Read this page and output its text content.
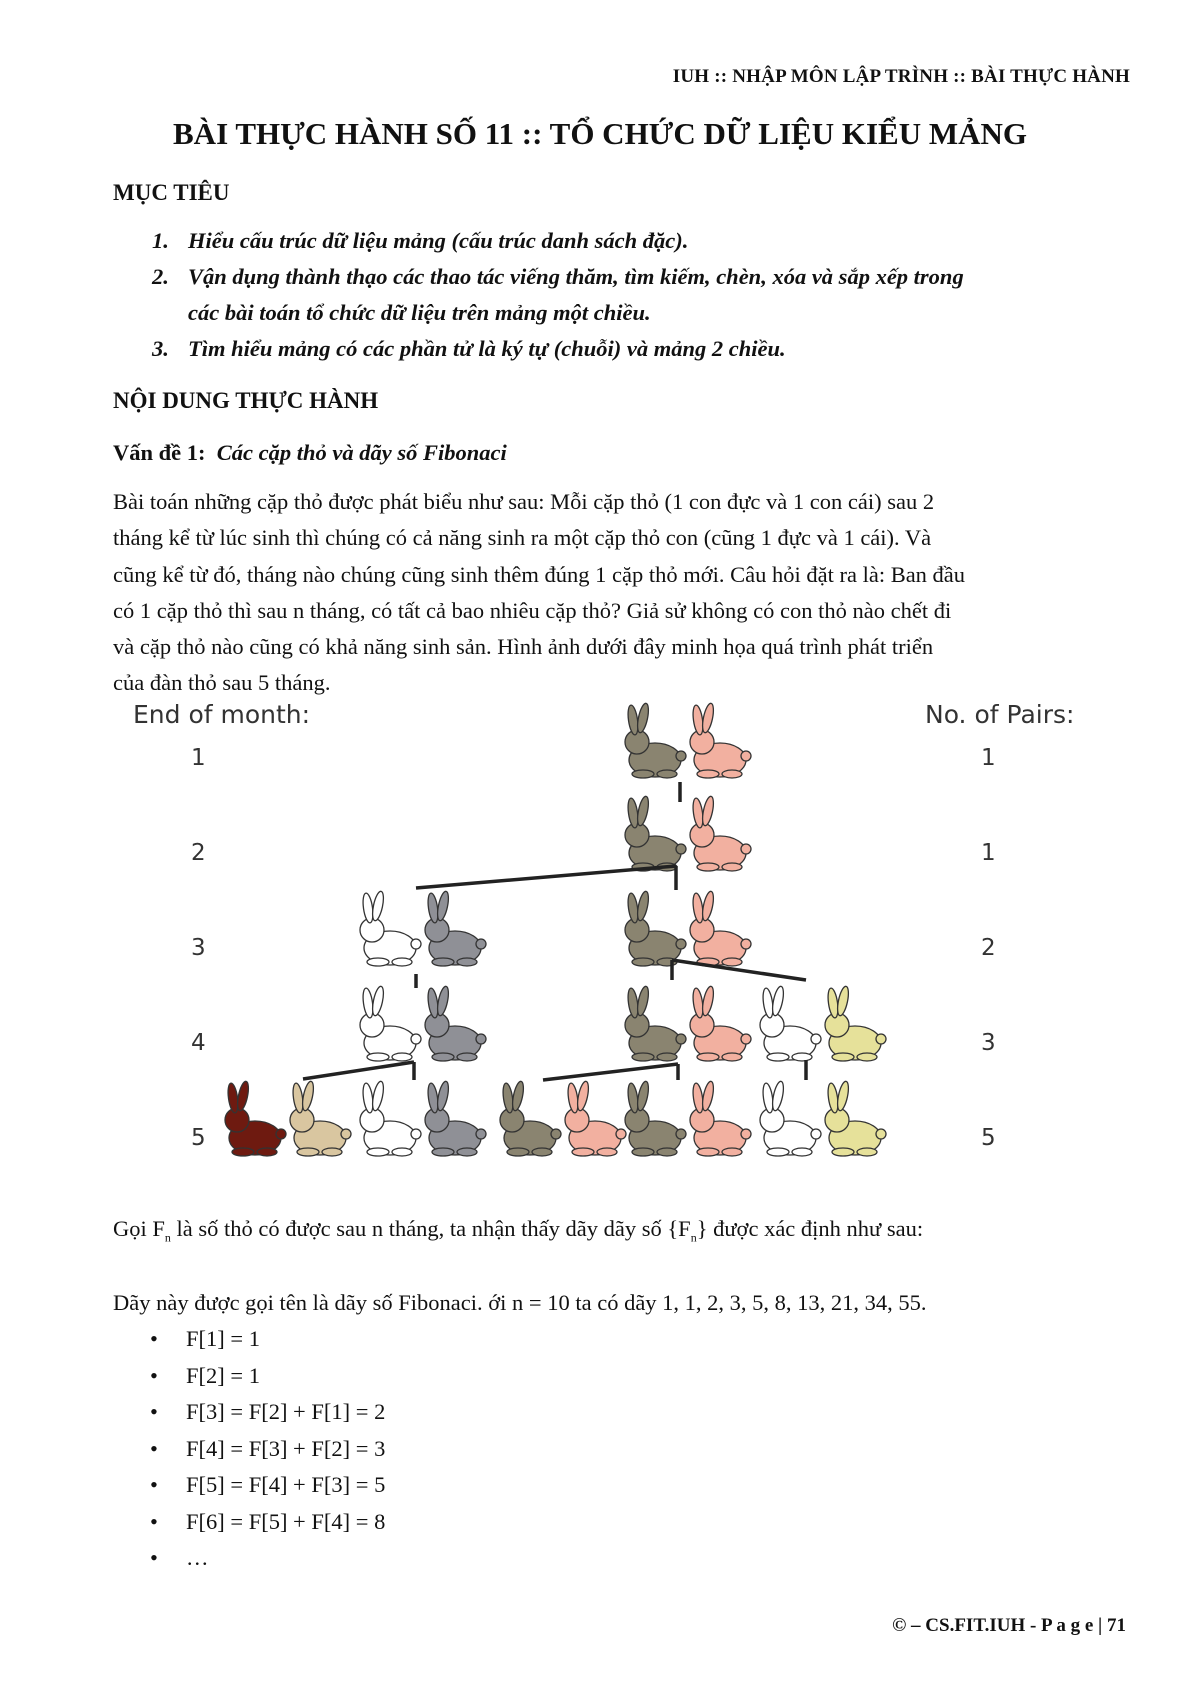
IUH :: NHẬP MÔN LẬP TRÌNH :: BÀI THỰC HÀNH
BÀI THỰC HÀNH SỐ 11 :: TỔ CHỨC DỮ LIỆU KIỂU MẢNG
MỤC TIÊU
1. Hiểu cấu trúc dữ liệu mảng (cấu trúc danh sách đặc).
2. Vận dụng thành thạo các thao tác viếng thăm, tìm kiếm, chèn, xóa và sắp xếp trong
các bài toán tổ chức dữ liệu trên mảng một chiều.
3. Tìm hiểu mảng có các phần tử là ký tự (chuỗi) và mảng 2 chiều.
NỘI DUNG THỰC HÀNH
Vấn đề 1: Các cặp thỏ và dãy số Fibonaci
Bài toán những cặp thỏ được phát biểu như sau: Mỗi cặp thỏ (1 con đực và 1 con cái) sau 2
tháng kể từ lúc sinh thì chúng có cả năng sinh ra một cặp thỏ con (cũng 1 đực và 1 cái). Và
cũng kể từ đó, tháng nào chúng cũng sinh thêm đúng 1 cặp thỏ mới. Câu hỏi đặt ra là: Ban đầu
có 1 cặp thỏ thì sau n tháng, có tất cả bao nhiêu cặp thỏ? Giả sử không có con thỏ nào chết đi
và cặp thỏ nào cũng có khả năng sinh sản. Hình ảnh dưới đây minh họa quá trình phát triển
của đàn thỏ sau 5 tháng.
End of month:	No. of Pairs:
1
2
3
4
5
1
1
2
3
5
Gọi $F_n$ là số thỏ có được sau n tháng, ta nhận thấy dãy dãy số $\{F_n\}$ được xác định như sau:
Dãy này được gọi tên là dãy số Fibonaci. ới n = 10 ta có dãy 1, 1, 2, 3, 5, 8, 13, 21, 34, 55.
• F[1] = 1
• F[2] = 1
• F[3] = F[2] + F[1] = 2
• F[4] = F[3] + F[2] = 3
• F[5] = F[4] + F[3] = 5
• F[6] = F[5] + F[4] = 8
• …
© – CS.FIT.IUH - P a g e | 71
